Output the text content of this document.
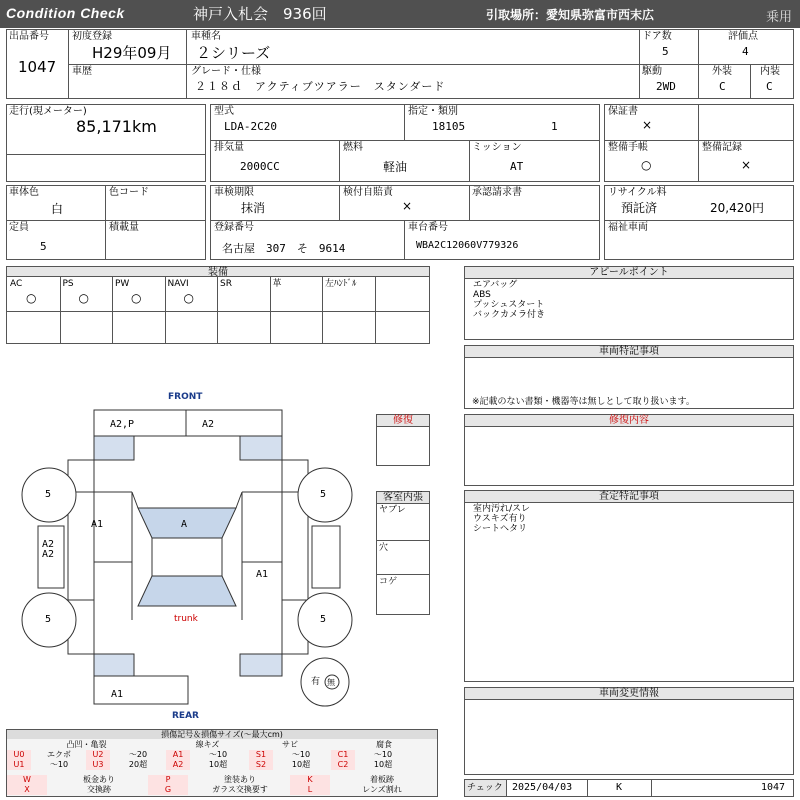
Condition Check	神戸入札会　936回	引取場所：愛知県弥富市西末広	乗用
出品番号
1047
初度登録
H29年09月
車種名
２シリーズ
ドア数
5
評価点
4
車歴	グレード・仕様
２１８ｄ　アクティブツアラー　スタンダード
駆動
2WD
外装
C
内装
C
走行(現メーター)
85,171km
型式
LDA-2C20
指定・類別
18105	1
排気量
2000CC
燃料
軽油
ミッション
AT
保証書
×
整備手帳
○
整備記録
×
車体色
白
色コード
定員
5
積載量
車検期限
抹消
検付自賠責
×
承認請求書
登録番号
名古屋　307　そ　9614
車台番号
WBA2C12060V779326
リサイクル料
預託済	20,420円
福祉車両
装備
AC
○
PS
○
PW
○
NAVI
○
SR	革	左ﾊﾝﾄﾞﾙ
アピールポイント
エアバッグ
ABS
プッシュスタート
バックカメラ付き
車両特記事項
※記載のない書類・機器等は無しとして取り扱います。
修復内容
査定特記事項
室内汚れ/スレ
ウスキズ有り
シートヘタリ
車両変更情報
チェック 2025/04/03	K	1047
修復
客室内張
ヤブレ
穴
コゲ
FRONT
REAR
A2,P	A2
A
A1
A1
A2
A2
A1
trunk
5	5
5	5
有 無
損傷記号＆損傷サイズ(〜最大cm)
凸凹・亀裂	線キズ	サビ	腐食
U0	エクボ	U2	〜20	A1	〜10	S1	〜10	C1	〜10
U1	〜10	U3	20超	A2	10超	S2	10超	C2	10超
W	板金あり	P	塗装あり	K	着板跡
X	交換跡	G	ガラス交換要す	L	レンズ割れ
